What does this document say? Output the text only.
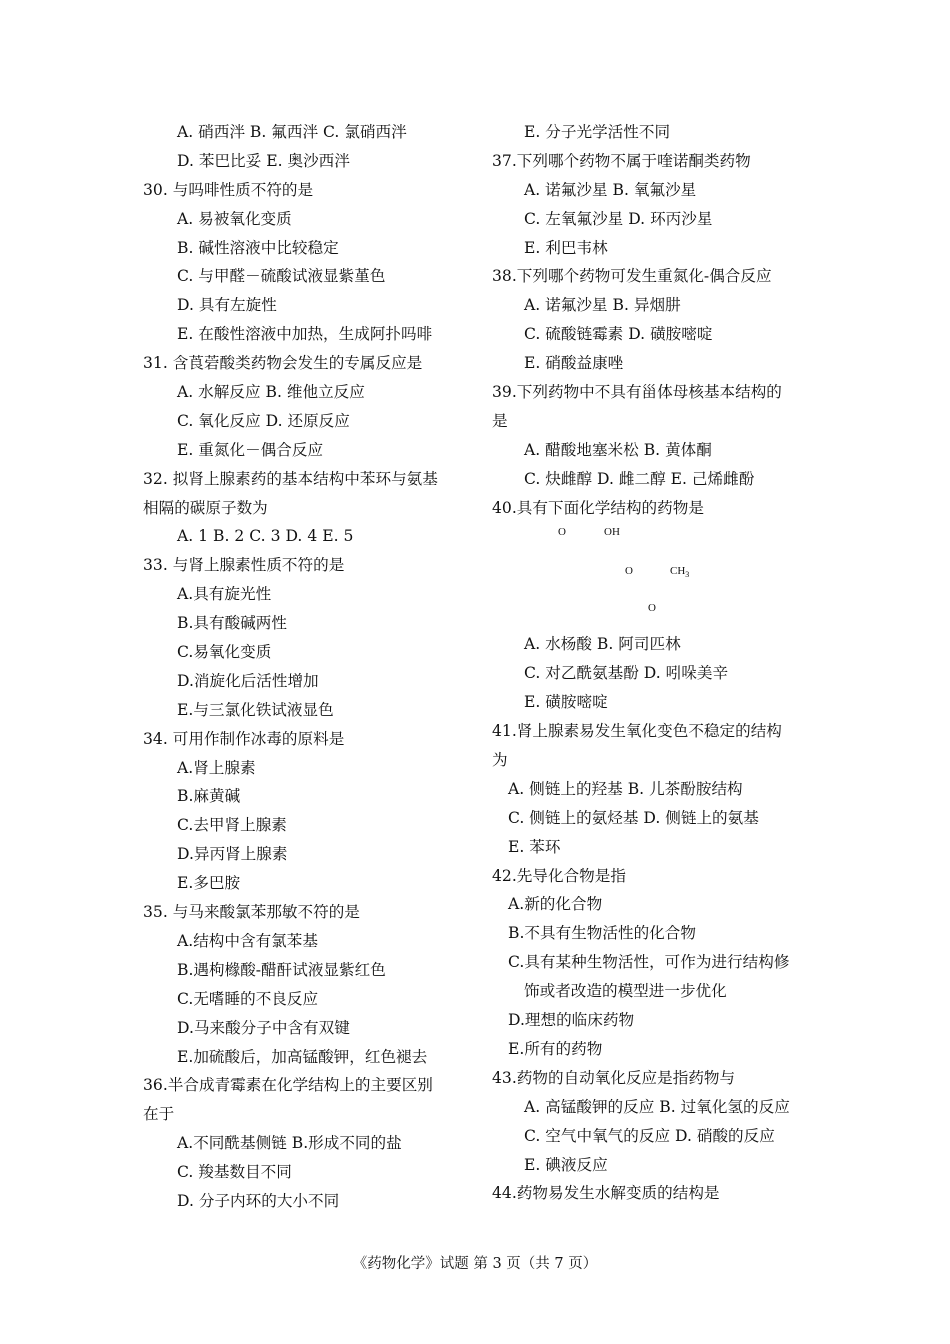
A. 硝西泮 B. 氟西泮 C. 氯硝西泮
D. 苯巴比妥 E. 奥沙西泮
30. 与吗啡性质不符的是
A. 易被氧化变质
B. 碱性溶液中比较稳定
C. 与甲醛－硫酸试液显紫堇色
D. 具有左旋性
E. 在酸性溶液中加热，生成阿扑吗啡
31. 含莨菪酸类药物会发生的专属反应是
A. 水解反应 B. 维他立反应
C. 氧化反应 D. 还原反应
E. 重氮化－偶合反应
32. 拟肾上腺素药的基本结构中苯环与氨基
相隔的碳原子数为
A. 1 B. 2 C. 3 D. 4 E. 5
33. 与肾上腺素性质不符的是
A.具有旋光性
B.具有酸碱两性
C.易氧化变质
D.消旋化后活性增加
E.与三氯化铁试液显色
34. 可用作制作冰毒的原料是
A.肾上腺素
B.麻黄碱
C.去甲肾上腺素
D.异丙肾上腺素
E.多巴胺
35. 与马来酸氯苯那敏不符的是
A.结构中含有氯苯基
B.遇枸橼酸-醋酐试液显紫红色
C.无嗜睡的不良反应
D.马来酸分子中含有双键
E.加硫酸后，加高锰酸钾，红色褪去
36.半合成青霉素在化学结构上的主要区别
在于
A.不同酰基侧链 B.形成不同的盐
C. 羧基数目不同
D. 分子内环的大小不同
E. 分子光学活性不同
37.下列哪个药物不属于喹诺酮类药物
A. 诺氟沙星 B. 氧氟沙星
C. 左氧氟沙星 D. 环丙沙星
E. 利巴韦林
38.下列哪个药物可发生重氮化-偶合反应
A. 诺氟沙星 B. 异烟肼
C. 硫酸链霉素 D. 磺胺嘧啶
E. 硝酸益康唑
39.下列药物中不具有甾体母核基本结构的
是
A. 醋酸地塞米松 B. 黄体酮
C. 炔雌醇 D. 雌二醇 E. 己烯雌酚
40.具有下面化学结构的药物是
O	OH
O	$CH_3$
O
A. 水杨酸 B. 阿司匹林
C. 对乙酰氨基酚 D. 吲哚美辛
E. 磺胺嘧啶
41.肾上腺素易发生氧化变色不稳定的结构
为
A. 侧链上的羟基 B. 儿茶酚胺结构
C. 侧链上的氨烃基 D. 侧链上的氨基
E. 苯环
42.先导化合物是指
A.新的化合物
B.不具有生物活性的化合物
C.具有某种生物活性，可作为进行结构修
饰或者改造的模型进一步优化
D.理想的临床药物
E.所有的药物
43.药物的自动氧化反应是指药物与
A. 高锰酸钾的反应 B. 过氧化氢的反应
C. 空气中氧气的反应 D. 硝酸的反应
E. 碘液反应
44.药物易发生水解变质的结构是
《药物化学》试题 第 3 页（共 7 页）
